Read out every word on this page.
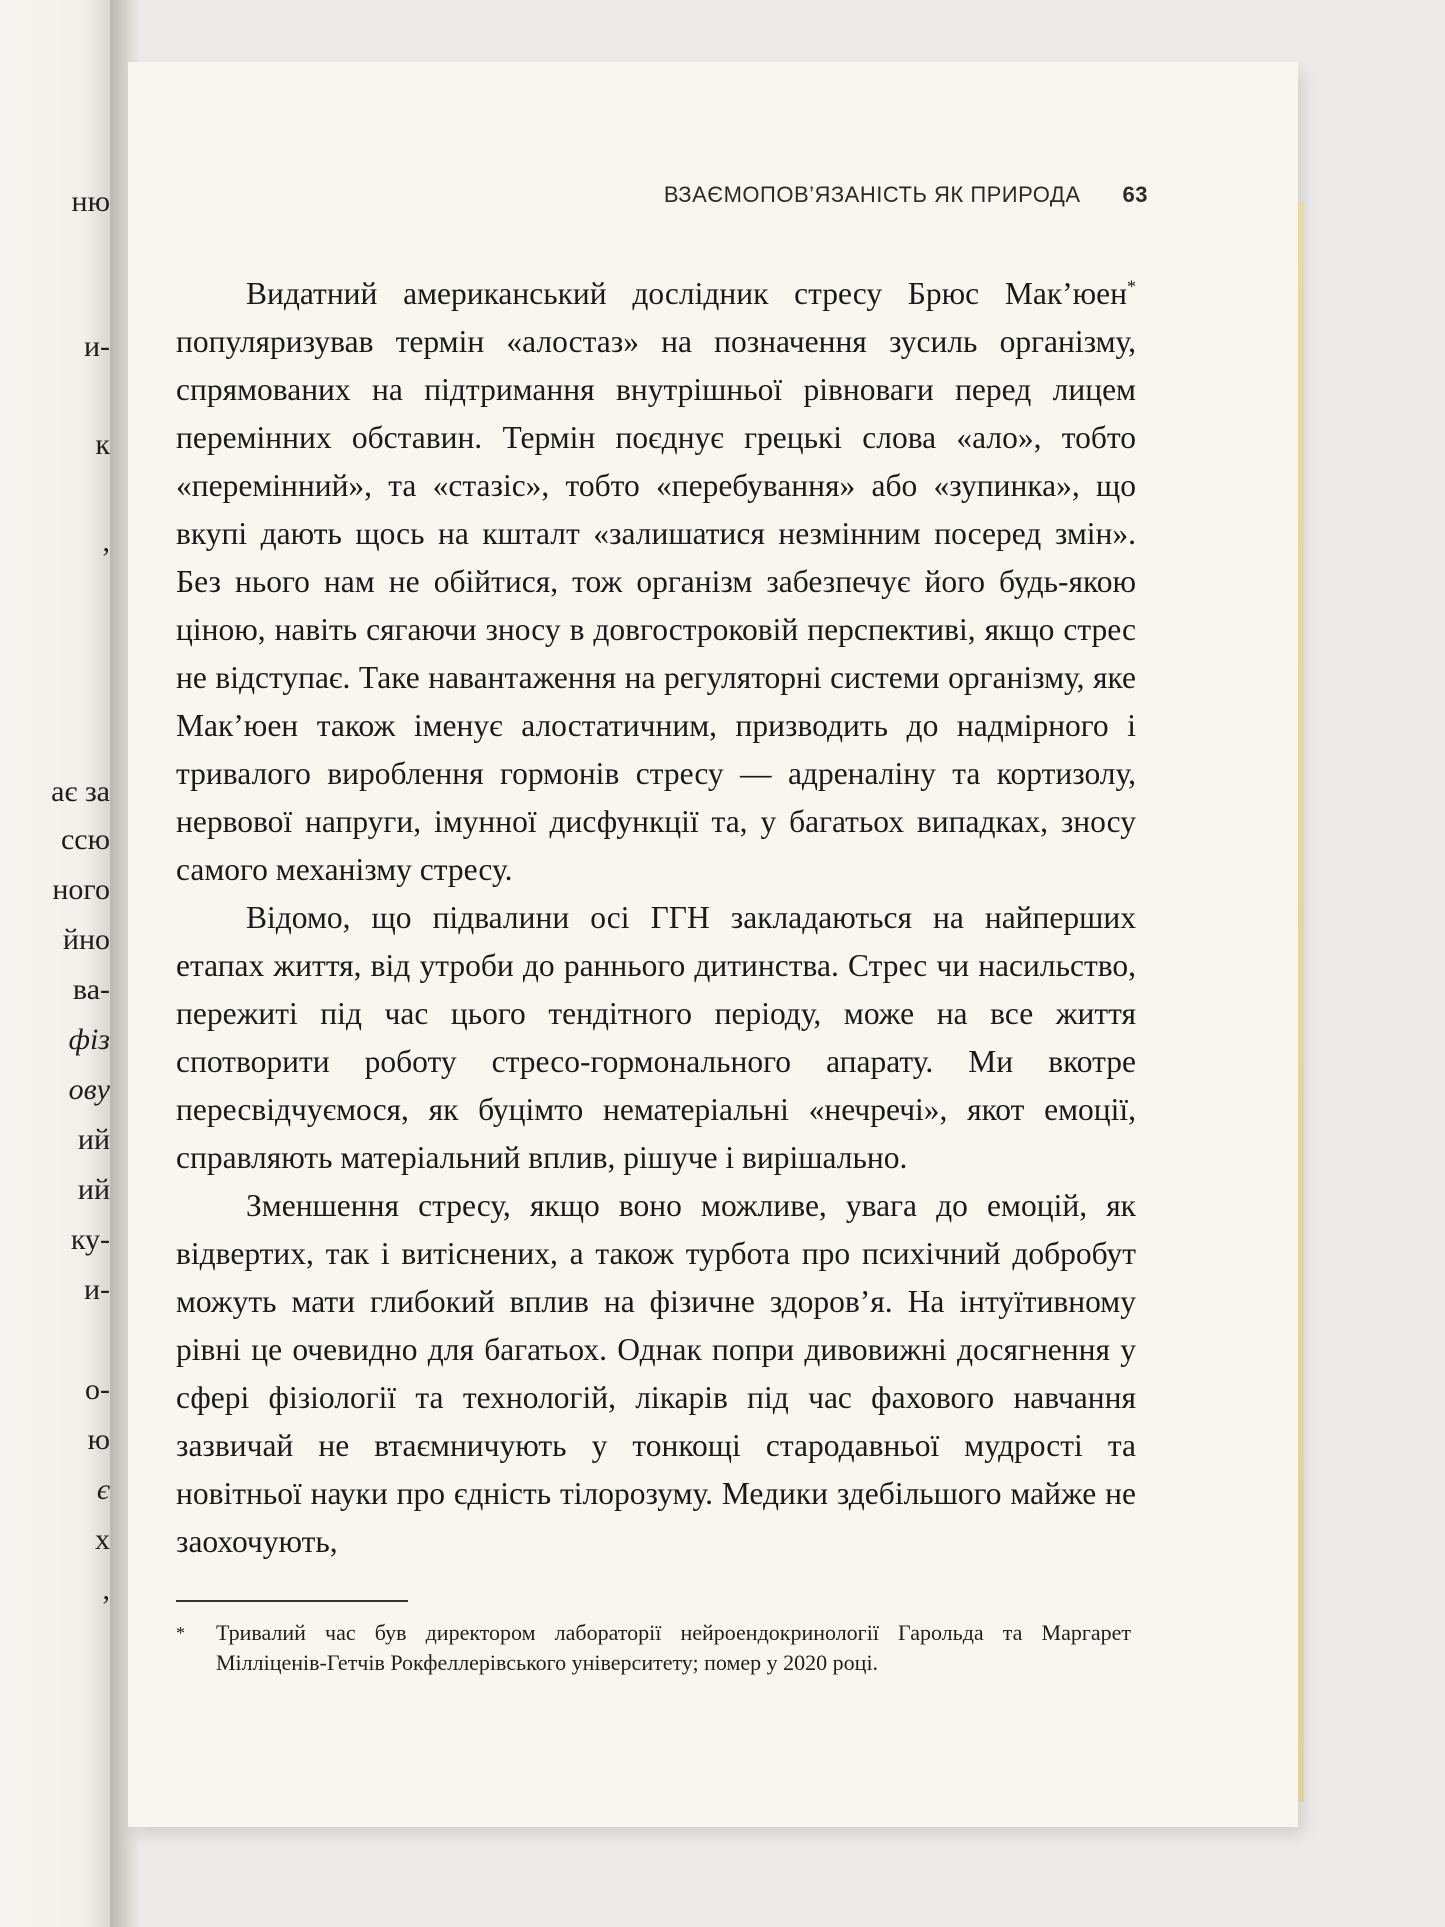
ню
и-
к
,
ає за
ссю
ного
йно
ва-
фіз
ову
ий
ий
ку-
и-
о-
ю
є
х
,
ВЗАЄМОПОВ’ЯЗАНІСТЬ ЯК ПРИРОДА 63

Видатний американський дослідник стресу Брюс Мак’юен* популяризував термін «алостаз» на позначення зусиль організму, спрямованих на підтримання внутрішньої рівноваги перед лицем перемінних обставин. Термін поєднує грецькі слова «ало», тобто «перемінний», та «стазіс», тобто «перебування» або «зупинка», що вкупі дають щось на кшталт «залишатися незмінним посеред змін». Без нього нам не обійтися, тож організм забезпечує його будь-якою ціною, навіть сягаючи зносу в довгостроковій перспективі, якщо стрес не відступає. Таке навантаження на регуляторні системи організму, яке Мак’юен також іменує алостатичним, призводить до надмірного і тривалого вироблення гормонів стресу — адреналіну та кортизолу, нервової напруги, імунної дисфункції та, у багатьох випадках, зносу самого механізму стресу.

Відомо, що підвалини осі ГГН закладаються на найперших етапах життя, від утроби до раннього дитинства. Стрес чи насильство, пережиті під час цього тендітного періоду, може на все життя спотворити роботу стресо-гормонального апарату. Ми вкотре пересвідчуємося, як буцімто нематеріальні «нечречі», якот емоції, справляють матеріальний вплив, рішуче і вирішально.

Зменшення стресу, якщо воно можливе, увага до емоцій, як відвертих, так і витіснених, а також турбота про психічний добробут можуть мати глибокий вплив на фізичне здоров’я. На інтуїтивному рівні це очевидно для багатьох. Однак попри дивовижні досягнення у сфері фізіології та технологій, лікарів під час фахового навчання зазвичай не втаємничують у тонкощі стародавньої мудрості та новітньої науки про єдність тілорозуму. Медики здебільшого майже не заохочують,

* Тривалий час був директором лабораторії нейроендокринології Гарольда та Маргарет Мілліценів-Гетчів Рокфеллерівського університету; помер у 2020 році.
